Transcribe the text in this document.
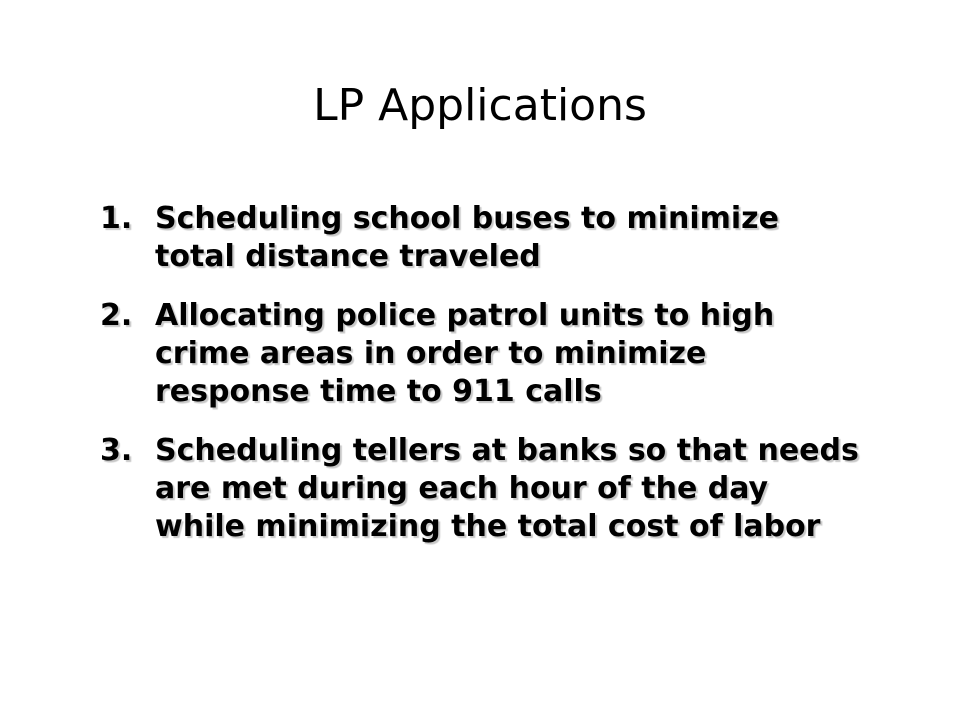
LP Applications
1. Scheduling school buses to minimize total distance traveled
2. Allocating police patrol units to high crime areas in order to minimize response time to 911 calls
3. Scheduling tellers at banks so that needs are met during each hour of the day while minimizing the total cost of labor
